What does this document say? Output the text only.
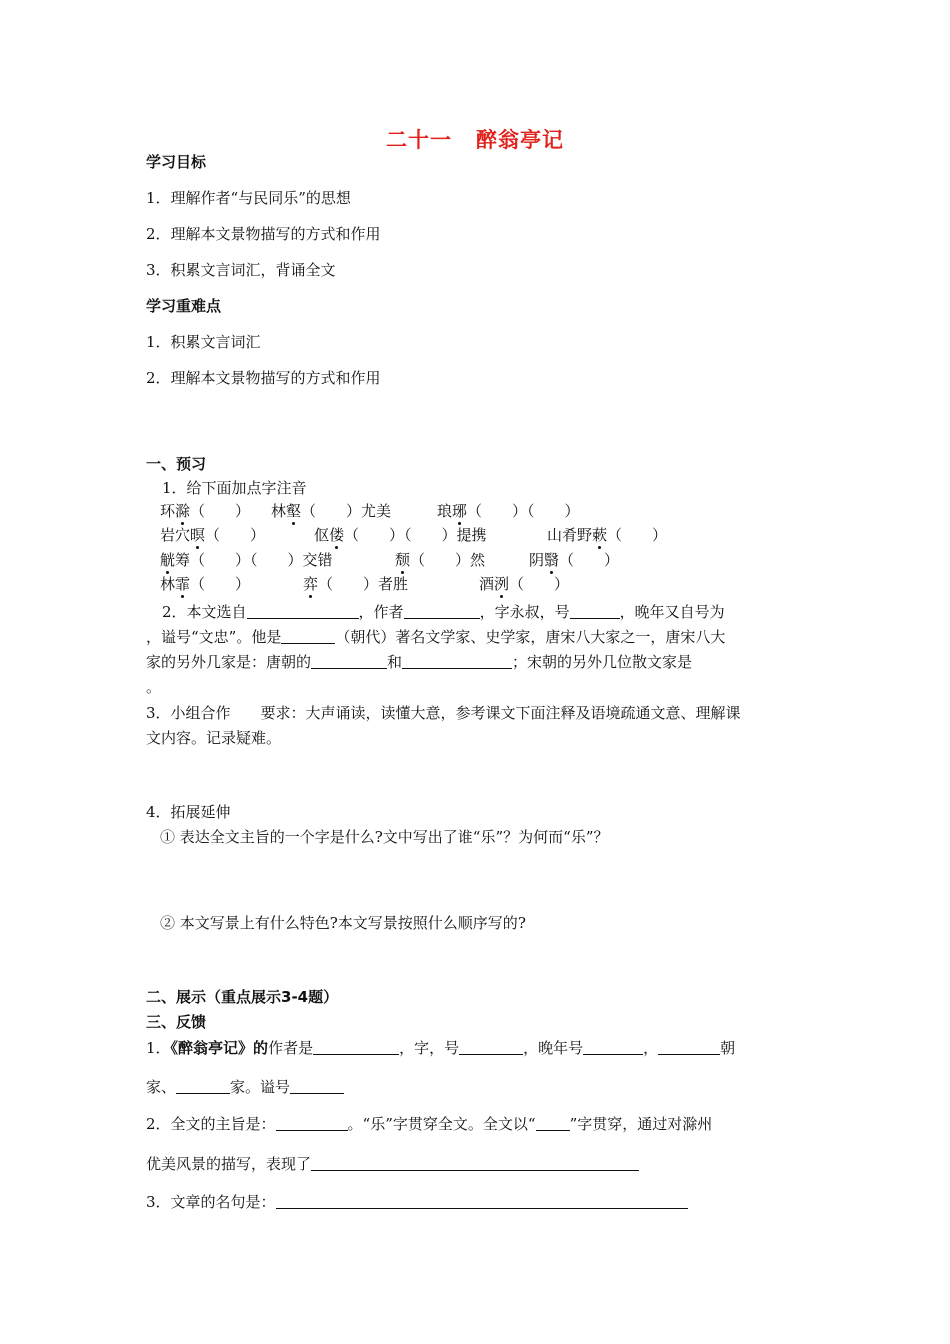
二十一 醉翁亭记
学习目标
1．理解作者“与民同乐”的思想
2．理解本文景物描写的方式和作用
3．积累文言词汇，背诵全文
学习重难点
1．积累文言词汇
2．理解本文景物描写的方式和作用
一、预习
1．给下面加点字注音
环滁（　　） 林壑（　　）尤美	琅琊（　　）（　　）
岩穴暝（　　）	伛偻（　　）（　　）提携	山肴野蔌（　　）
觥筹（　　）（　　）交错	颓（　　）然	阴翳（　　）
林霏（　　）	弈（　　）者胜	酒洌（　　）
2．本文选自	，作者	，字永叔，号	，晚年又自号为
，谥号“文忠”。他是	（朝代）著名文学家、史学家，唐宋八大家之一，唐宋八大
家的另外几家是：唐朝的	和	；宋朝的另外几位散文家是
。
3．小组合作　　要求：大声诵读，读懂大意，参考课文下面注释及语境疏通文意、理解课
文内容。记录疑难。
4．拓展延伸
① 表达全文主旨的一个字是什么?文中写出了谁“乐”？为何而“乐”？
② 本文写景上有什么特色?本文写景按照什么顺序写的?
二、展示（重点展示3-4题）
三、反馈
1．《醉翁亭记》的作者是	，字，号	，晚年号	，	朝
家、	家。谥号
2．全文的主旨是：	。“乐”字贯穿全文。全文以“ ”字贯穿，通过对滁州
优美风景的描写，表现了
3．文章的名句是：
